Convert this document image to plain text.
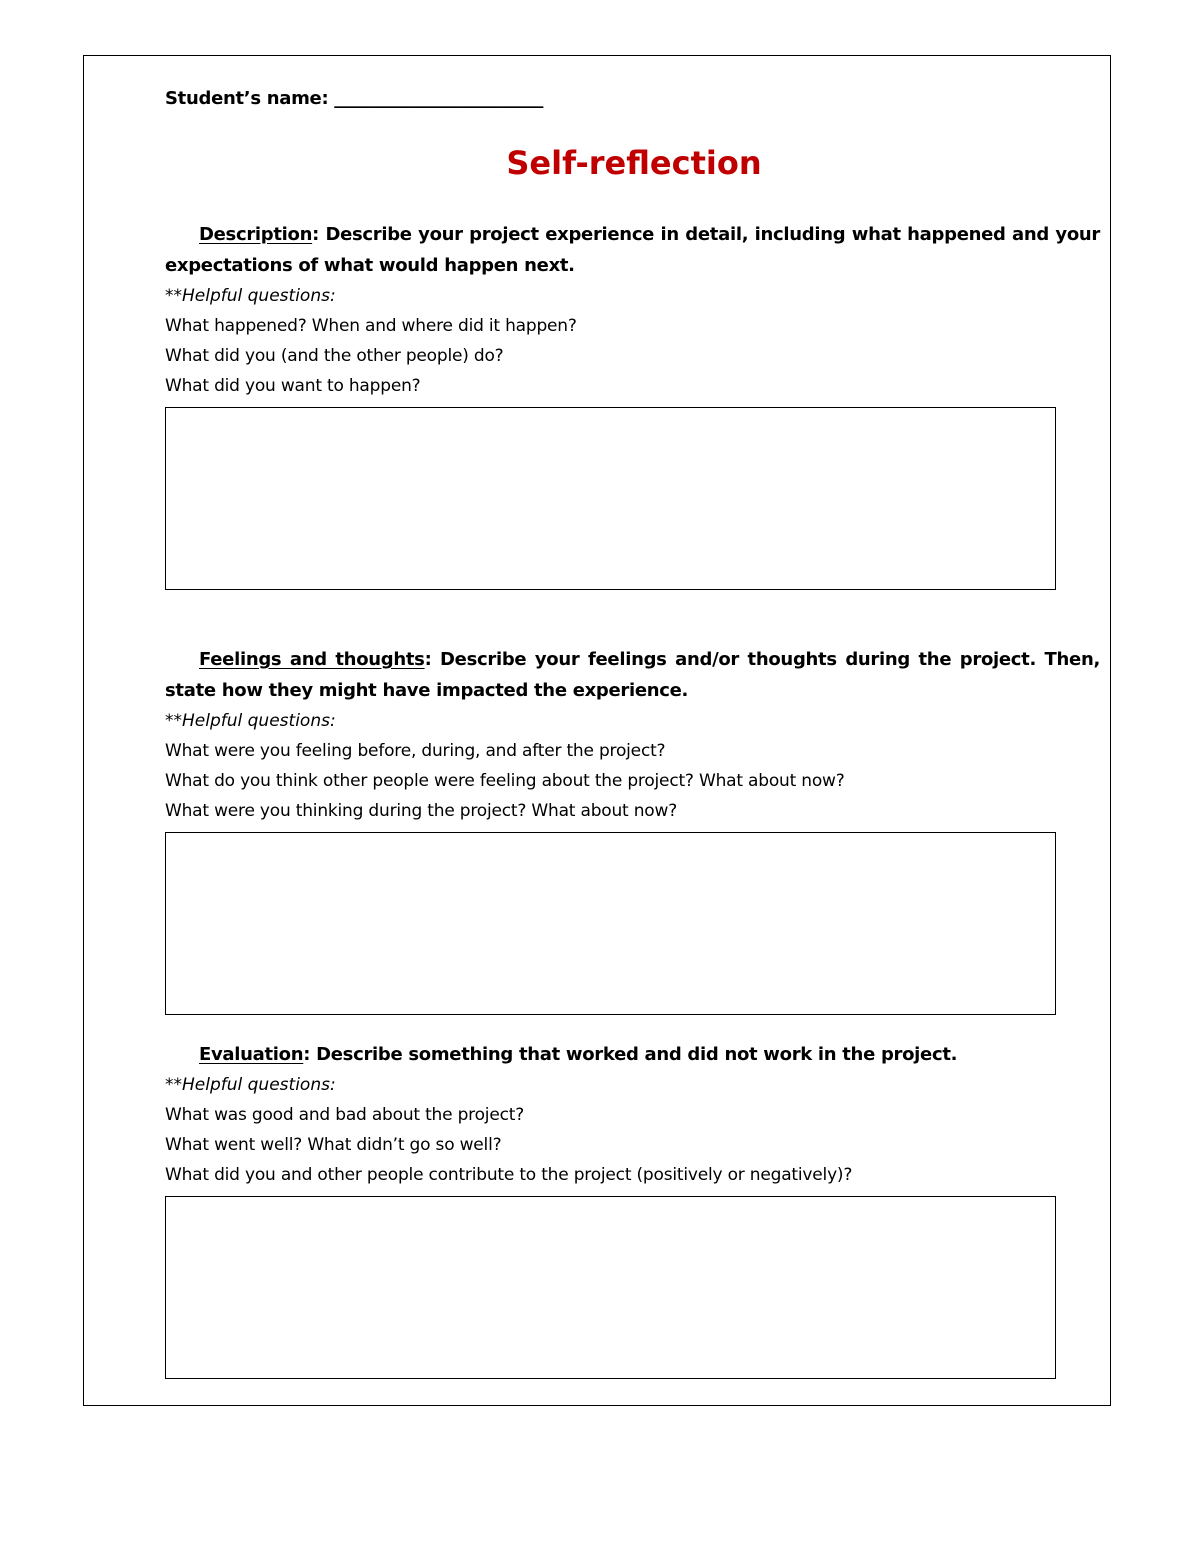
Student’s name: ________________________
Self-reflection

Description: Describe your project experience in detail, including what happened and your expectations of what would happen next.

**Helpful questions:

What happened? When and where did it happen?

What did you (and the other people) do?

What did you want to happen?

Feelings and thoughts: Describe your feelings and/or thoughts during the project. Then, state how they might have impacted the experience.

**Helpful questions:

What were you feeling before, during, and after the project?

What do you think other people were feeling about the project? What about now?

What were you thinking during the project? What about now?

Evaluation: Describe something that worked and did not work in the project.

**Helpful questions:

What was good and bad about the project?

What went well? What didn’t go so well?

What did you and other people contribute to the project (positively or negatively)?
